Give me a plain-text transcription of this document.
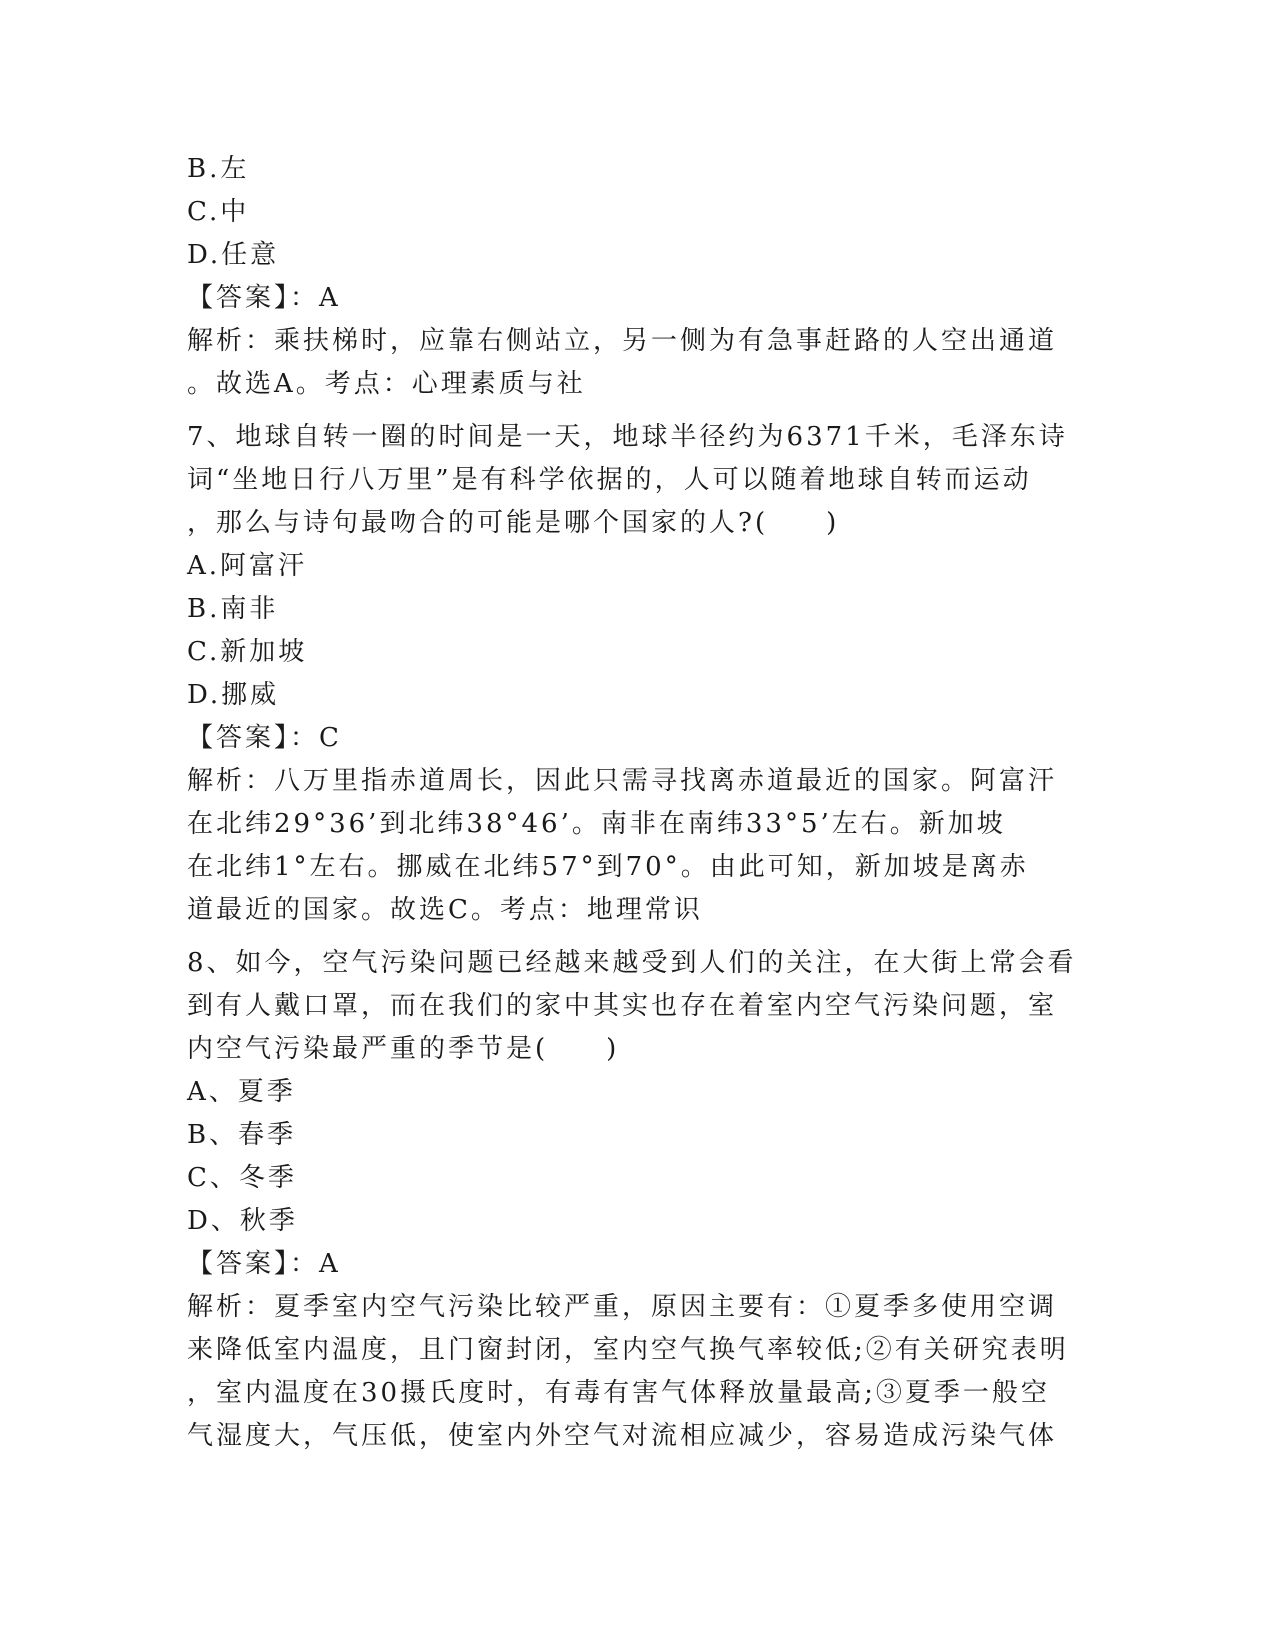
B.左
C.中
D.任意
【答案】：A
解析：乘扶梯时，应靠右侧站立，另一侧为有急事赶路的人空出通道
。故选A。考点：心理素质与社
7、地球自转一圈的时间是一天，地球半径约为6371千米，毛泽东诗
词“坐地日行八万里”是有科学依据的，人可以随着地球自转而运动
，那么与诗句最吻合的可能是哪个国家的人?(　　)
A.阿富汗
B.南非
C.新加坡
D.挪威
【答案】：C
解析：八万里指赤道周长，因此只需寻找离赤道最近的国家。阿富汗
在北纬29°36’到北纬38°46’。南非在南纬33°5’左右。新加坡
在北纬1°左右。挪威在北纬57°到70°。由此可知，新加坡是离赤
道最近的国家。故选C。考点：地理常识
8、如今，空气污染问题已经越来越受到人们的关注，在大街上常会看
到有人戴口罩，而在我们的家中其实也存在着室内空气污染问题，室
内空气污染最严重的季节是(　　)
A、夏季
B、春季
C、冬季
D、秋季
【答案】：A
解析：夏季室内空气污染比较严重，原因主要有：①夏季多使用空调
来降低室内温度，且门窗封闭，室内空气换气率较低;②有关研究表明
，室内温度在30摄氏度时，有毒有害气体释放量最高;③夏季一般空
气湿度大，气压低，使室内外空气对流相应减少，容易造成污染气体
